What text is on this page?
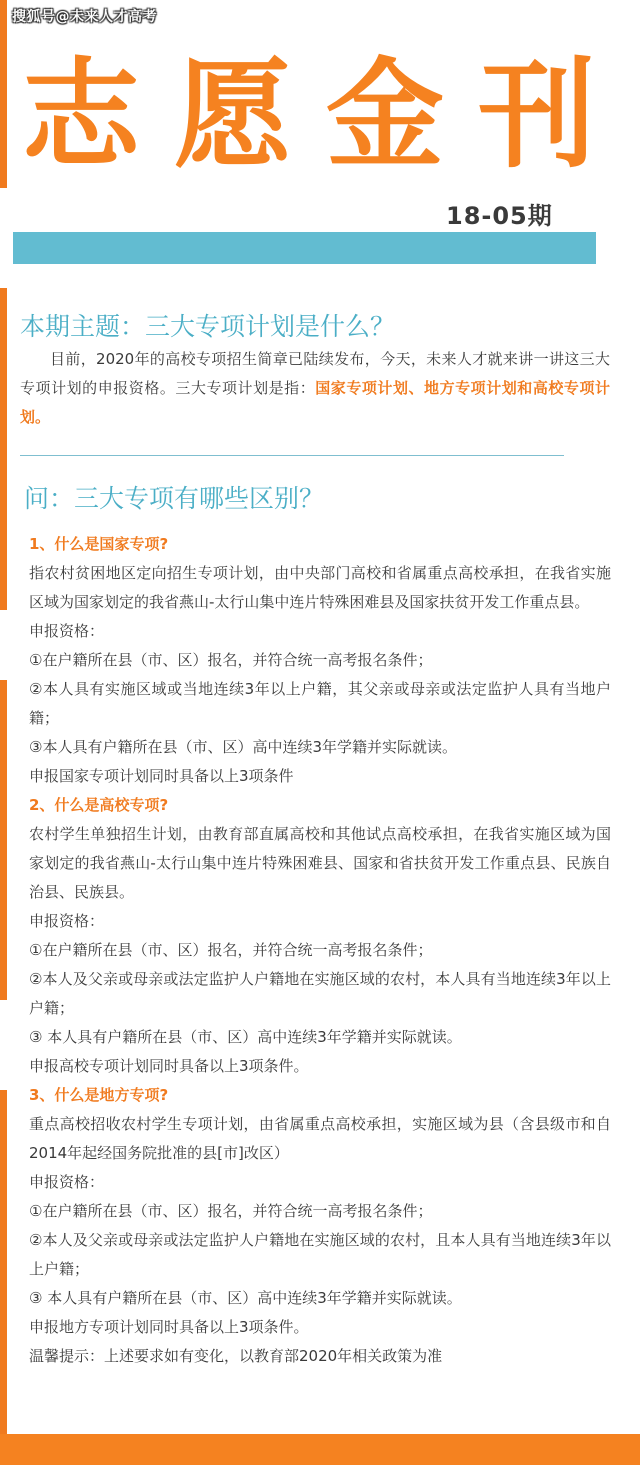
搜狐号@未来人才高考
志愿金刊
18-05期
本期主题：三大专项计划是什么？
目前，2020年的高校专项招生简章已陆续发布，今天，未来人才就来讲一讲这三大专项计划的申报资格。三大专项计划是指：国家专项计划、地方专项计划和高校专项计划。
问：三大专项有哪些区别？

1、什么是国家专项?

指农村贫困地区定向招生专项计划，由中央部门高校和省属重点高校承担，在我省实施区域为国家划定的我省燕山-太行山集中连片特殊困难县及国家扶贫开发工作重点县。

申报资格：

①在户籍所在县（市、区）报名，并符合统一高考报名条件；

②本人具有实施区域或当地连续3年以上户籍，其父亲或母亲或法定监护人具有当地户籍；

③本人具有户籍所在县（市、区）高中连续3年学籍并实际就读。

申报国家专项计划同时具备以上3项条件

2、什么是高校专项?

农村学生单独招生计划，由教育部直属高校和其他试点高校承担，在我省实施区域为国家划定的我省燕山-太行山集中连片特殊困难县、国家和省扶贫开发工作重点县、民族自治县、民族县。

申报资格：

①在户籍所在县（市、区）报名，并符合统一高考报名条件；

②本人及父亲或母亲或法定监护人户籍地在实施区域的农村，本人具有当地连续3年以上户籍；

③ 本人具有户籍所在县（市、区）高中连续3年学籍并实际就读。

申报高校专项计划同时具备以上3项条件。

3、什么是地方专项?

重点高校招收农村学生专项计划，由省属重点高校承担，实施区域为县（含县级市和自2014年起经国务院批准的县[市]改区）

申报资格：

①在户籍所在县（市、区）报名，并符合统一高考报名条件；

②本人及父亲或母亲或法定监护人户籍地在实施区域的农村，且本人具有当地连续3年以上户籍；

③ 本人具有户籍所在县（市、区）高中连续3年学籍并实际就读。

申报地方专项计划同时具备以上3项条件。

温馨提示：上述要求如有变化，以教育部2020年相关政策为准
